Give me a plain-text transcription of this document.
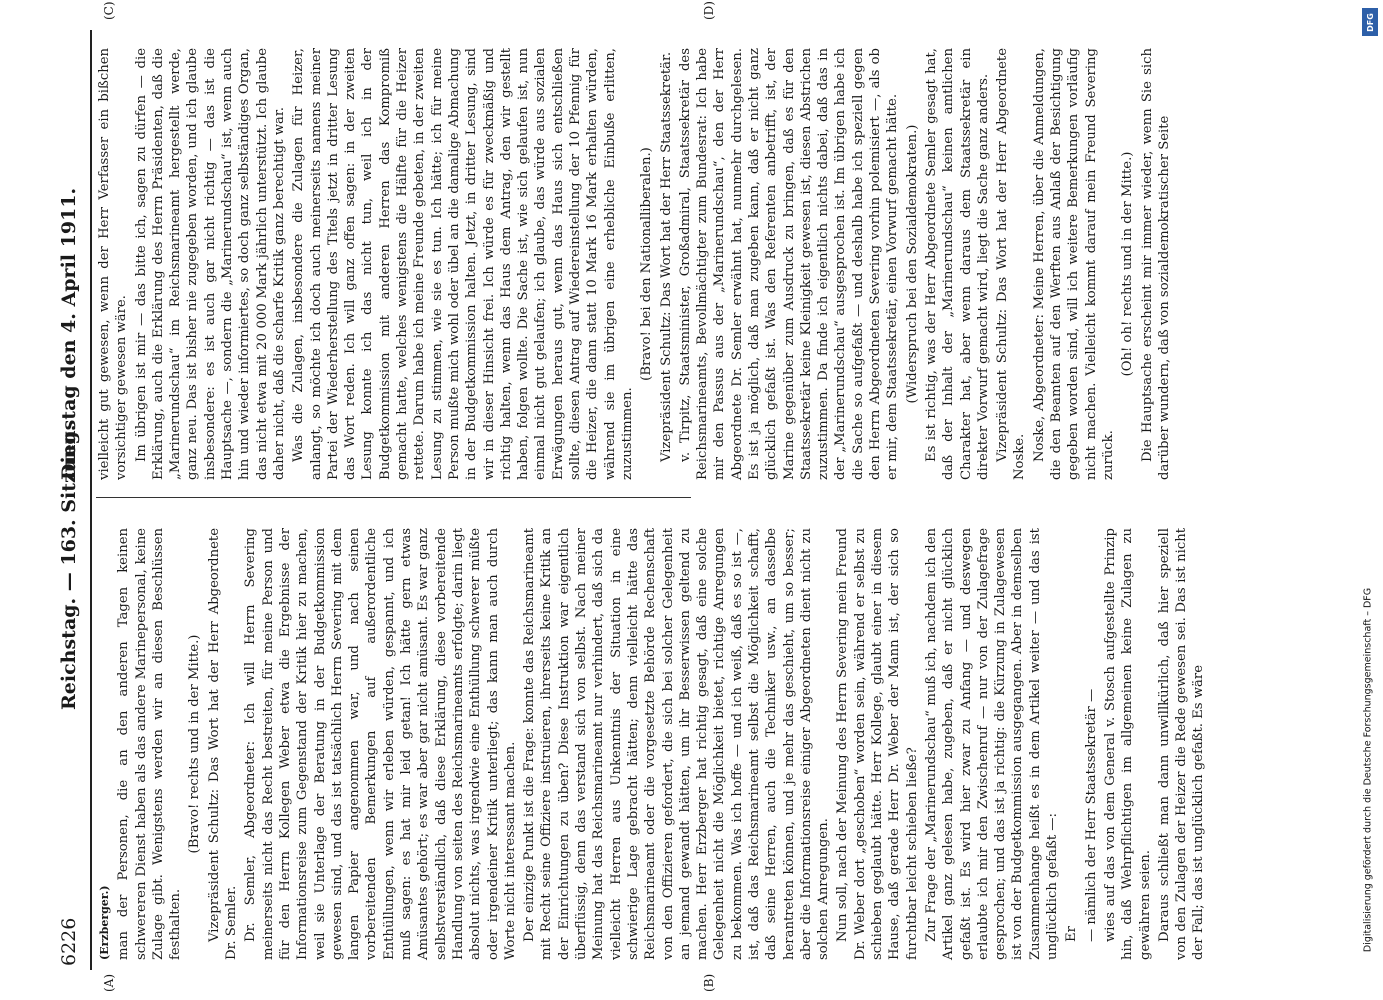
(A)	(B)
(C)	(D)
6226
Reichstag. — 163. Sitzung.
Dienstag den 4. April 1911.

(Erzberger.) man der Personen, die an den anderen Tagen keinen schwereren Dienst haben als das andere Marinepersonal, keine Zulage gibt. Wenigstens werden wir an diesen Beschlüssen festhalten.

(Bravo! rechts und in der Mitte.) Vizepräsident Schultz: Das Wort hat der Herr Abgeordnete Dr. Semler. Dr. Semler, Abgeordneter: Ich will Herrn Severing meinerseits nicht das Recht bestreiten, für meine Person und für den Herrn Kollegen Weber etwa die Ergebnisse der Informationsreise zum Gegenstand der Kritik hier zu machen, weil sie Unterlage der Beratung in der Budgetkommission gewesen sind, und das ist tatsächlich Herrn Severing mit dem langen Papier angenommen war, und nach seinen vorbereitenden Bemerkungen auf außerordentliche Enthüllungen, wenn wir erleben würden, gespannt, und ich muß sagen: es hat mir leid getan! Ich hätte gern etwas Amüsantes gehört; es war aber gar nicht amüsant. Es war ganz selbstverständlich, daß diese Erklärung, diese vorbereitende Handlung von seiten des Reichsmarineamts erfolgte; darin liegt absolut nichts, was irgendwie eine Enthüllung schwerer müßte oder irgendeiner Kritik unterliegt; das kann man auch durch Worte nicht interessant machen. Der einzige Punkt ist die Frage: konnte das Reichsmarineamt mit Recht seine Offiziere instruieren, ihrerseits keine Kritik an der Einrichtungen zu üben? Diese Instruktion war eigentlich überflüssig, denn das verstand sich von selbst. Nach meiner Meinung hat das Reichsmarineamt nur verhindert, daß sich da vielleicht Herren aus Unkenntnis der Situation in eine schwierige Lage gebracht hätten; denn vielleicht hätte das Reichsmarineamt oder die vorgesetzte Behörde Rechenschaft von den Offizieren gefordert, die sich bei solcher Gelegenheit an jemand gewandt hätten, um ihr Besserwissen geltend zu machen. Herr Erzberger hat richtig gesagt, daß eine solche Gelegenheit nicht die Möglichkeit bietet, richtige Anregungen zu bekommen. Was ich hoffe — und ich weiß, daß es so ist —, ist, daß das Reichsmarineamt selbst die Möglichkeit schafft, daß seine Herren, auch die Techniker usw., an dasselbe herantreten können, und je mehr das geschieht, um so besser; aber die Informationsreise einiger Abgeordneten dient nicht zu solchen Anregungen. Nun soll, nach der Meinung des Herrn Severing mein Freund Dr. Weber dort „geschoben“ worden sein, während er selbst zu schieben geglaubt hätte. Herr Kollege, glaubt einer in diesem Hause, daß gerade Herr Dr. Weber der Mann ist, der sich so furchtbar leicht schieben ließe? Zur Frage der „Marinerundschau“ muß ich, nachdem ich den Artikel ganz gelesen habe, zugeben, daß er nicht glücklich gefaßt ist. Es wird hier zwar zu Anfang — und deswegen erlaubte ich mir den Zwischenruf — nur von der Zulagefrage gesprochen; und das ist ja richtig: die Kürzung in Zulagewesen ist von der Budgetkommission ausgegangen. Aber in demselben Zusammenhange heißt es in dem Artikel weiter — und das ist unglücklich gefaßt —: Er — nämlich der Herr Staatssekretär — wies auf das von dem General v. Stosch aufgestellte Prinzip hin, daß Wehrpflichtigen im allgemeinen keine Zulagen zu gewähren seien. Daraus schließt man dann unwillkürlich, daß hier speziell von den Zulagen der Heizer die Rede gewesen sei. Das ist nicht der Fall; das ist unglücklich gefaßt. Es wäre

vielleicht gut gewesen, wenn der Herr Verfasser ein bißchen vorsichtiger gewesen wäre. Im übrigen ist mir — das bitte ich, sagen zu dürfen — die Erklärung, auch die Erklärung des Herrn Präsidenten, daß die „Marinerundschau“ im Reichsmarineamt hergestellt werde, ganz neu. Das ist bisher nie zugegeben worden, und ich glaube insbesondere: es ist auch gar nicht richtig — das ist die Hauptsache —, sondern die „Marinerundschau“ ist, wenn auch hin und wieder informiertes, so doch ganz selbständiges Organ, das nicht etwa mit 20 000 Mark jährlich unterstützt. Ich glaube daher nicht, daß die scharfe Kritik ganz berechtigt war. Was die Zulagen, insbesondere die Zulagen für Heizer, anlangt, so möchte ich doch auch meinerseits namens meiner Partei der Wiederherstellung des Titels jetzt in dritter Lesung das Wort reden. Ich will ganz offen sagen: in der zweiten Lesung konnte ich das nicht tun, weil ich in der Budgetkommission mit anderen Herren das Kompromiß gemacht hatte, welches wenigstens die Hälfte für die Heizer rettete. Darum habe ich meine Freunde gebeten, in der zweiten Lesung zu stimmen, wie sie es tun. Ich hätte; ich für meine Person mußte mich wohl oder übel an die damalige Abmachung in der Budgetkommission halten. Jetzt, in dritter Lesung, sind wir in dieser Hinsicht frei. Ich würde es für zweckmäßig und richtig halten, wenn das Haus dem Antrag, den wir gestellt haben, folgen wollte. Die Sache ist, wie sich gelaufen ist, nun einmal nicht gut gelaufen; ich glaube, das würde aus sozialen Erwägungen heraus gut, wenn das Haus sich entschließen sollte, diesen Antrag auf Wiedereinstellung der 10 Pfennig für die Heizer, die dann statt 10 Mark 16 Mark erhalten würden, während sie im übrigen eine erhebliche Einbuße erlitten, zuzustimmen.

(Bravo! bei den Nationalliberalen.) Vizepräsident Schultz: Das Wort hat der Herr Staatssekretär. v. Tirpitz, Staatsminister, Großadmiral, Staatssekretär des Reichsmarineamts, Bevollmächtigter zum Bundesrat: Ich habe mir den Passus aus der „Marinerundschau“, den der Herr Abgeordnete Dr. Semler erwähnt hat, nunmehr durchgelesen. Es ist ja möglich, daß man zugeben kann, daß er nicht ganz glücklich gefaßt ist. Was den Referenten anbetrifft, ist, der Marine gegenüber zum Ausdruck zu bringen, daß es für den Staatssekretär keine Kleinigkeit gewesen ist, diesen Abstrichen zuzustimmen. Da finde ich eigentlich nichts dabei, daß das in der „Marinerundschau“ ausgesprochen ist. Im übrigen habe ich die Sache so aufgefaßt — und deshalb habe ich speziell gegen den Herrn Abgeordneten Severing vorhin polemisiert —, als ob er mir, dem Staatssekretär, einen Vorwurf gemacht hätte. (Widerspruch bei den Sozialdemokraten.) Es ist richtig, was der Herr Abgeordnete Semler gesagt hat, daß der Inhalt der „Marinerundschau“ keinen amtlichen Charakter hat, aber wenn daraus dem Staatssekretär ein direkter Vorwurf gemacht wird, liegt die Sache ganz anders. Vizepräsident Schultz: Das Wort hat der Herr Abgeordnete Noske. Noske, Abgeordneter: Meine Herren, über die Anmeldungen, die den Beamten auf den Werften aus Anlaß der Besichtigung gegeben worden sind, will ich weitere Bemerkungen vorläufig nicht machen. Vielleicht kommt darauf mein Freund Severing zurück.

(Oh! oh! rechts und in der Mitte.) Die Hauptsache erscheint mir immer wieder, wenn Sie sich darüber wundern, daß von sozialdemokratischer Seite

DFG
Digitalisierung gefördert durch die Deutsche Forschungsgemeinschaft – DFG
